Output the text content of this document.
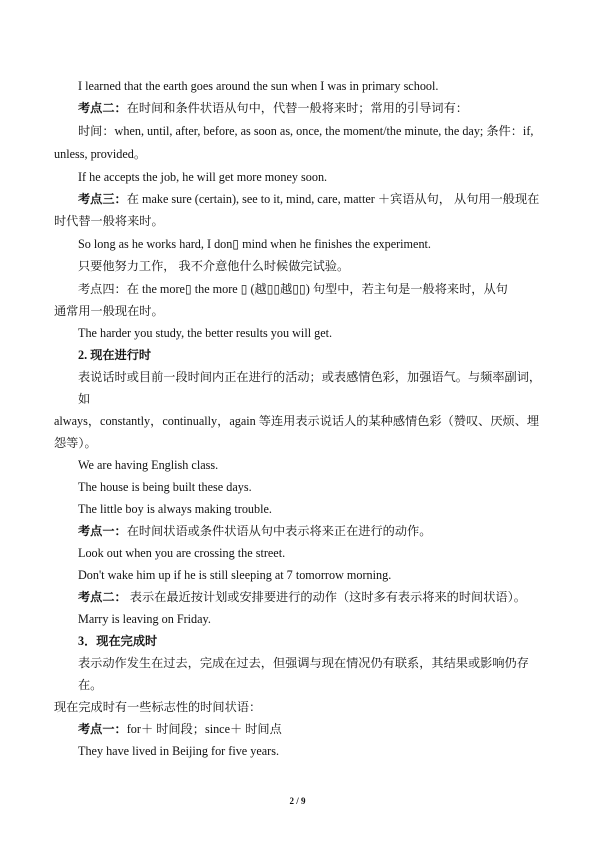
I learned that the earth goes around the sun when I was in primary school.
考点二：在时间和条件状语从句中，代替一般将来时；常用的引导词有：
时间：when, until, after, before, as soon as, once, the moment/the minute, the day; 条件：if,
unless, provided。
If he accepts the job, he will get more money soon.
考点三：在 make sure (certain), see to it, mind, care, matter ＋宾语从句， 从句用一般现在
时代替一般将来时。
So long as he works hard, I don▯ mind when he finishes the experiment.
只要他努力工作， 我不介意他什么时候做完试验。
考点四：在 the more▯ the more ▯ (越▯▯越▯▯) 句型中，若主句是一般将来时，从句
通常用一般现在时。
The harder you study, the better results you will get.
2. 现在进行时
表说话时或目前一段时间内正在进行的活动；或表感情色彩，加强语气。与频率副词，
如
always，constantly，continually，again 等连用表示说话人的某种感情色彩（赞叹、厌烦、埋
怨等）。
We are having English class.
The house is being built these days.
The little boy is always making trouble.
考点一：在时间状语或条件状语从句中表示将来正在进行的动作。
Look out when you are crossing the street.
Don't wake him up if he is still sleeping at 7 tomorrow morning.
考点二： 表示在最近按计划或安排要进行的动作（这时多有表示将来的时间状语）。
Marry is leaving on Friday.
3．现在完成时
表示动作发生在过去，完成在过去，但强调与现在情况仍有联系，其结果或影响仍存
在。
现在完成时有一些标志性的时间状语：
考点一：for＋ 时间段；since＋ 时间点
They have lived in Beijing for five years.
2 / 9
